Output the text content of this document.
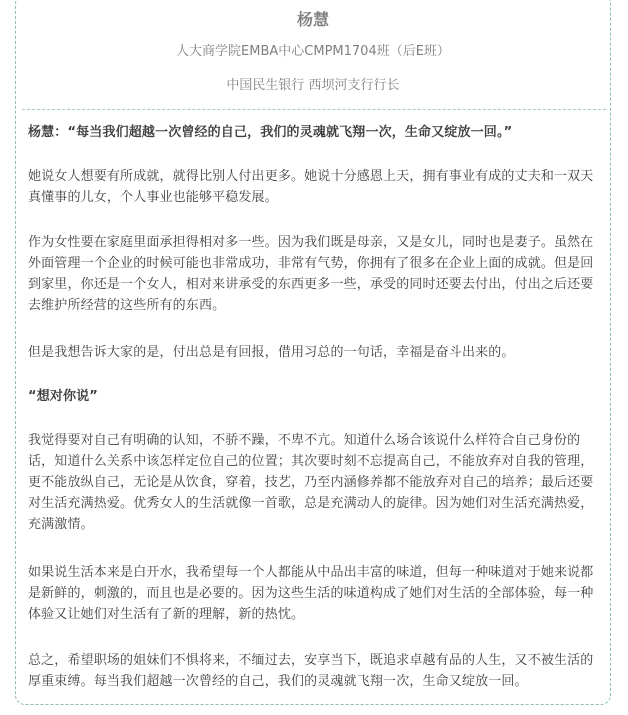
杨慧
人大商学院EMBA中心CMPM1704班（后E班）
中国民生银行 西坝河支行行长

杨慧：“每当我们超越一次曾经的自己，我们的灵魂就飞翔一次，生命又绽放一回。”

她说女人想要有所成就，就得比别人付出更多。她说十分感恩上天，拥有事业有成的丈夫和一双天真懂事的儿女，个人事业也能够平稳发展。

作为女性要在家庭里面承担得相对多一些。因为我们既是母亲，又是女儿，同时也是妻子。虽然在外面管理一个企业的时候可能也非常成功，非常有气势，你拥有了很多在企业上面的成就。但是回到家里，你还是一个女人，相对来讲承受的东西更多一些，承受的同时还要去付出，付出之后还要去维护所经营的这些所有的东西。

但是我想告诉大家的是，付出总是有回报，借用习总的一句话，幸福是奋斗出来的。

“想对你说”

我觉得要对自己有明确的认知，不骄不躁，不卑不亢。知道什么场合该说什么样符合自己身份的话，知道什么关系中该怎样定位自己的位置；其次要时刻不忘提高自己，不能放弃对自我的管理，更不能放纵自己，无论是从饮食，穿着，技艺，乃至内涵修养都不能放弃对自己的培养；最后还要对生活充满热爱。优秀女人的生活就像一首歌，总是充满动人的旋律。因为她们对生活充满热爱，充满激情。

如果说生活本来是白开水，我希望每一个人都能从中品出丰富的味道，但每一种味道对于她来说都是新鲜的，刺激的，而且也是必要的。因为这些生活的味道构成了她们对生活的全部体验，每一种体验又让她们对生活有了新的理解，新的热忱。

总之，希望职场的姐妹们不惧将来，不缅过去，安享当下，既追求卓越有品的人生，又不被生活的厚重束缚。每当我们超越一次曾经的自己，我们的灵魂就飞翔一次，生命又绽放一回。
